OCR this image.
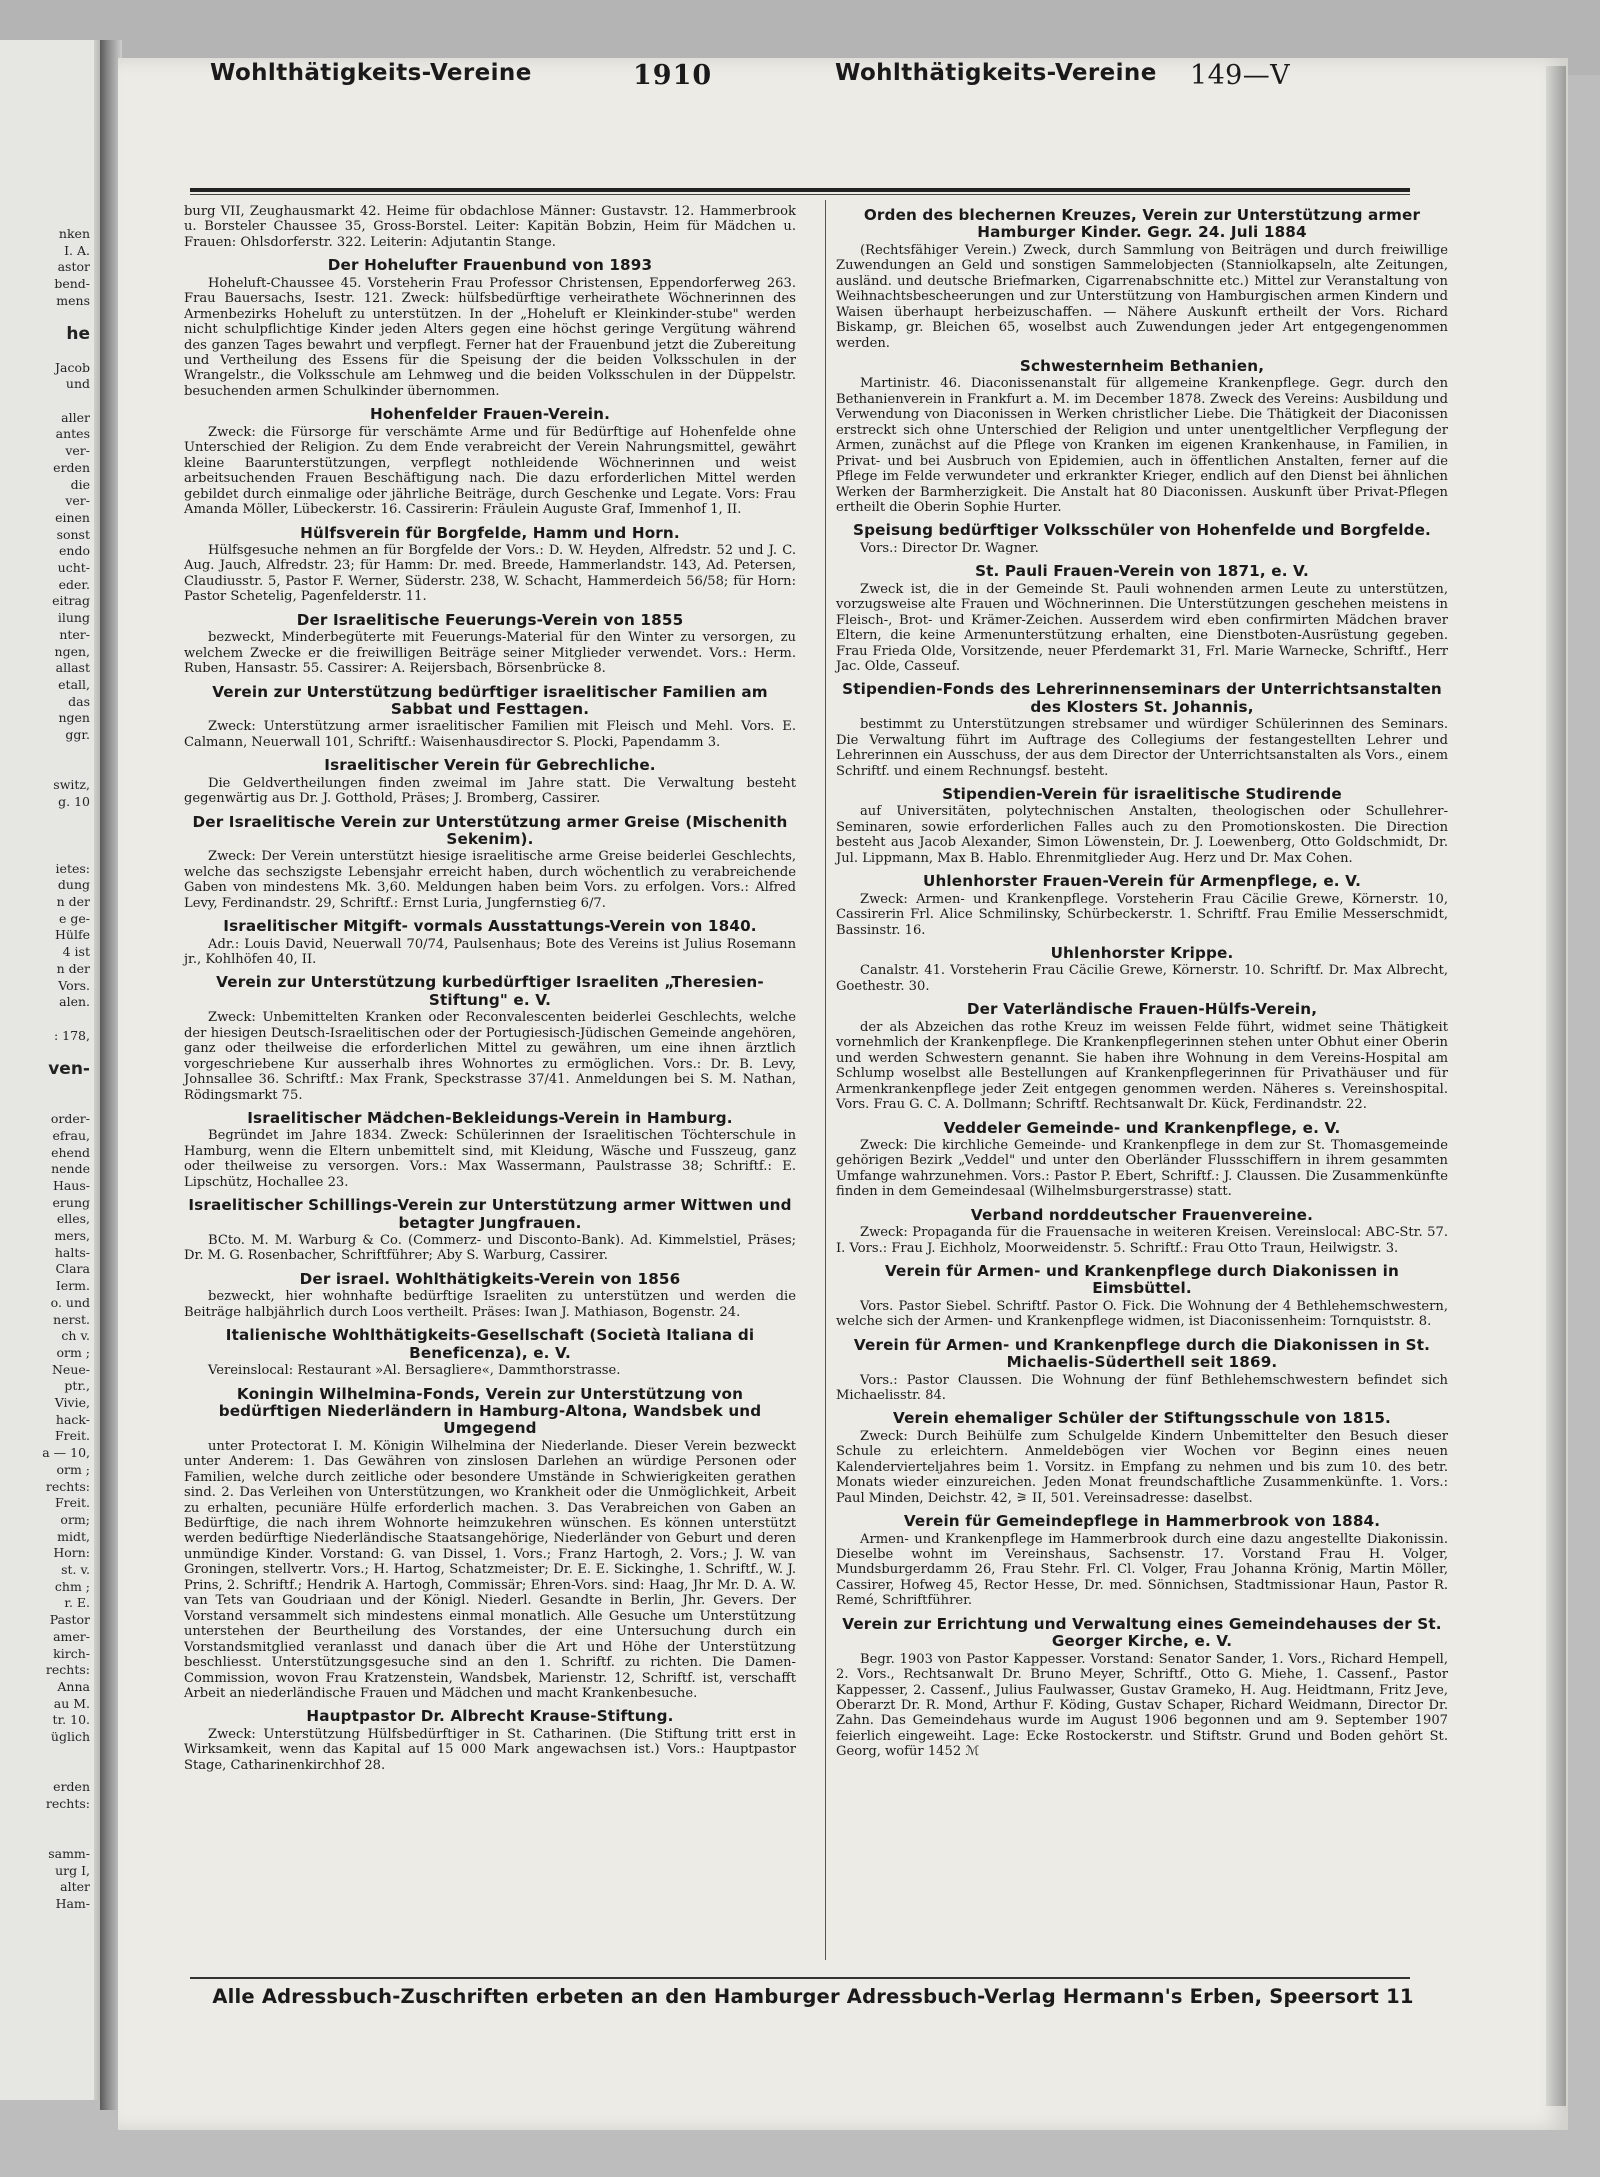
nken
I. A.
astor
bend-
mens
he
Jacob
und
aller
antes
ver-
erden
die
ver-
einen
sonst
endo
ucht-
eder.
eitrag
ilung
nter-
ngen,
allast
etall,
das
ngen
ggr.
switz,
g. 10
ietes:
dung
n der
e ge-
Hülfe
4 ist
n der
Vors.
alen.
: 178,
ven-
order-
efrau,
ehend
nende
Haus-
erung
elles,
mers,
halts-
Clara
Ierm.
o. und
nerst.
ch v.
orm ;
Neue-
ptr.,
Vivie,
hack-
Freit.
a — 10,
orm ;
rechts:
Freit.
orm;
midt,
Horn:
st. v.
chm ;
r. E.
Pastor
amer-
kirch-
rechts:
Anna
au M.
tr. 10.
üglich
erden
rechts:
samm-
urg I,
alter
Ham-
Wohlthätigkeits-Vereine	1910	Wohlthätigkeits-Vereine 149—V

burg VII, Zeughausmarkt 42. Heime für obdachlose Männer: Gustavstr. 12. Hammerbrook u. Borsteler Chaussee 35, Gross-Borstel. Leiter: Kapitän Bobzin, Heim für Mädchen u. Frauen: Ohlsdorferstr. 322. Leiterin: Adjutantin Stange.

Der Hohelufter Frauenbund von 1893

Hoheluft-Chaussee 45. Vorsteherin Frau Professor Christensen, Eppendorferweg 263. Frau Bauersachs, Isestr. 121. Zweck: hülfsbedürftige verheirathete Wöchnerinnen des Armenbezirks Hoheluft zu unterstützen. In der „Hoheluft er Kleinkinder-stube" werden nicht schulpflichtige Kinder jeden Alters gegen eine höchst geringe Vergütung während des ganzen Tages bewahrt und verpflegt. Ferner hat der Frauenbund jetzt die Zubereitung und Vertheilung des Essens für die Speisung der die beiden Volksschulen in der Wrangelstr., die Volksschule am Lehmweg und die beiden Volksschulen in der Düppelstr. besuchenden armen Schulkinder übernommen.

Hohenfelder Frauen-Verein.

Zweck: die Fürsorge für verschämte Arme und für Bedürftige auf Hohenfelde ohne Unterschied der Religion. Zu dem Ende verabreicht der Verein Nahrungsmittel, gewährt kleine Baarunterstützungen, verpflegt nothleidende Wöchnerinnen und weist arbeitsuchenden Frauen Beschäftigung nach. Die dazu erforderlichen Mittel werden gebildet durch einmalige oder jährliche Beiträge, durch Geschenke und Legate. Vors: Frau Amanda Möller, Lübeckerstr. 16. Cassirerin: Fräulein Auguste Graf, Immenhof 1, II.

Hülfsverein für Borgfelde, Hamm und Horn.

Hülfsgesuche nehmen an für Borgfelde der Vors.: D. W. Heyden, Alfredstr. 52 und J. C. Aug. Jauch, Alfredstr. 23; für Hamm: Dr. med. Breede, Hammerlandstr. 143, Ad. Petersen, Claudiusstr. 5, Pastor F. Werner, Süderstr. 238, W. Schacht, Hammerdeich 56/58; für Horn: Pastor Schetelig, Pagenfelderstr. 11.

Der Israelitische Feuerungs-Verein von 1855

bezweckt, Minderbegüterte mit Feuerungs-Material für den Winter zu versorgen, zu welchem Zwecke er die freiwilligen Beiträge seiner Mitglieder verwendet. Vors.: Herm. Ruben, Hansastr. 55. Cassirer: A. Reijersbach, Börsenbrücke 8.

Verein zur Unterstützung bedürftiger israelitischer Familien am Sabbat und Festtagen.

Zweck: Unterstützung armer israelitischer Familien mit Fleisch und Mehl. Vors. E. Calmann, Neuerwall 101, Schriftf.: Waisenhausdirector S. Plocki, Papendamm 3.

Israelitischer Verein für Gebrechliche.

Die Geldvertheilungen finden zweimal im Jahre statt. Die Verwaltung besteht gegenwärtig aus Dr. J. Gotthold, Präses; J. Bromberg, Cassirer.

Der Israelitische Verein zur Unterstützung armer Greise (Mischenith Sekenim).

Zweck: Der Verein unterstützt hiesige israelitische arme Greise beiderlei Geschlechts, welche das sechszigste Lebensjahr erreicht haben, durch wöchentlich zu verabreichende Gaben von mindestens Mk. 3,60. Meldungen haben beim Vors. zu erfolgen. Vors.: Alfred Levy, Ferdinandstr. 29, Schriftf.: Ernst Luria, Jungfernstieg 6/7.

Israelitischer Mitgift- vormals Ausstattungs-Verein von 1840.

Adr.: Louis David, Neuerwall 70/74, Paulsenhaus; Bote des Vereins ist Julius Rosemann jr., Kohlhöfen 40, II.

Verein zur Unterstützung kurbedürftiger Israeliten „Theresien-Stiftung" e. V.

Zweck: Unbemittelten Kranken oder Reconvalescenten beiderlei Geschlechts, welche der hiesigen Deutsch-Israelitischen oder der Portugiesisch-Jüdischen Gemeinde angehören, ganz oder theilweise die erforderlichen Mittel zu gewähren, um eine ihnen ärztlich vorgeschriebene Kur ausserhalb ihres Wohnortes zu ermöglichen. Vors.: Dr. B. Levy, Johnsallee 36. Schriftf.: Max Frank, Speckstrasse 37/41. Anmeldungen bei S. M. Nathan, Rödingsmarkt 75.

Israelitischer Mädchen-Bekleidungs-Verein in Hamburg.

Begründet im Jahre 1834. Zweck: Schülerinnen der Israelitischen Töchterschule in Hamburg, wenn die Eltern unbemittelt sind, mit Kleidung, Wäsche und Fusszeug, ganz oder theilweise zu versorgen. Vors.: Max Wassermann, Paulstrasse 38; Schriftf.: E. Lipschütz, Hochallee 23.

Israelitischer Schillings-Verein zur Unterstützung armer Wittwen und betagter Jungfrauen.

BCto. M. M. Warburg & Co. (Commerz- und Disconto-Bank). Ad. Kimmelstiel, Präses; Dr. M. G. Rosenbacher, Schriftführer; Aby S. Warburg, Cassirer.

Der israel. Wohlthätigkeits-Verein von 1856

bezweckt, hier wohnhafte bedürftige Israeliten zu unterstützen und werden die Beiträge halbjährlich durch Loos vertheilt. Präses: Iwan J. Mathiason, Bogenstr. 24.

Italienische Wohlthätigkeits-Gesellschaft (Società Italiana di Beneficenza), e. V.

Vereinslocal: Restaurant »Al. Bersagliere«, Dammthorstrasse.

Koningin Wilhelmina-Fonds, Verein zur Unterstützung von bedürftigen Niederländern in Hamburg-Altona, Wandsbek und Umgegend

unter Protectorat I. M. Königin Wilhelmina der Niederlande. Dieser Verein bezweckt unter Anderem: 1. Das Gewähren von zinslosen Darlehen an würdige Personen oder Familien, welche durch zeitliche oder besondere Umstände in Schwierigkeiten gerathen sind. 2. Das Verleihen von Unterstützungen, wo Krankheit oder die Unmöglichkeit, Arbeit zu erhalten, pecuniäre Hülfe erforderlich machen. 3. Das Verabreichen von Gaben an Bedürftige, die nach ihrem Wohnorte heimzukehren wünschen. Es können unterstützt werden bedürftige Niederländische Staatsangehörige, Niederländer von Geburt und deren unmündige Kinder. Vorstand: G. van Dissel, 1. Vors.; Franz Hartogh, 2. Vors.; J. W. van Groningen, stellvertr. Vors.; H. Hartog, Schatzmeister; Dr. E. E. Sickinghe, 1. Schriftf., W. J. Prins, 2. Schriftf.; Hendrik A. Hartogh, Commissär; Ehren-Vors. sind: Haag, Jhr Mr. D. A. W. van Tets van Goudriaan und der Königl. Niederl. Gesandte in Berlin, Jhr. Gevers. Der Vorstand versammelt sich mindestens einmal monatlich. Alle Gesuche um Unterstützung unterstehen der Beurtheilung des Vorstandes, der eine Untersuchung durch ein Vorstandsmitglied veranlasst und danach über die Art und Höhe der Unterstützung beschliesst. Unterstützungsgesuche sind an den 1. Schriftf. zu richten. Die Damen-Commission, wovon Frau Kratzenstein, Wandsbek, Marienstr. 12, Schriftf. ist, verschafft Arbeit an niederländische Frauen und Mädchen und macht Krankenbesuche.

Hauptpastor Dr. Albrecht Krause-Stiftung.

Zweck: Unterstützung Hülfsbedürftiger in St. Catharinen. (Die Stiftung tritt erst in Wirksamkeit, wenn das Kapital auf 15 000 Mark angewachsen ist.) Vors.: Hauptpastor Stage, Catharinenkirchhof 28.

Orden des blechernen Kreuzes, Verein zur Unterstützung armer Hamburger Kinder. Gegr. 24. Juli 1884

(Rechtsfähiger Verein.) Zweck, durch Sammlung von Beiträgen und durch freiwillige Zuwendungen an Geld und sonstigen Sammelobjecten (Stanniolkapseln, alte Zeitungen, ausländ. und deutsche Briefmarken, Cigarrenabschnitte etc.) Mittel zur Veranstaltung von Weihnachtsbescheerungen und zur Unterstützung von Hamburgischen armen Kindern und Waisen überhaupt herbeizuschaffen. — Nähere Auskunft ertheilt der Vors. Richard Biskamp, gr. Bleichen 65, woselbst auch Zuwendungen jeder Art entgegengenommen werden.

Schwesternheim Bethanien,

Martinistr. 46. Diaconissenanstalt für allgemeine Krankenpflege. Gegr. durch den Bethanienverein in Frankfurt a. M. im December 1878. Zweck des Vereins: Ausbildung und Verwendung von Diaconissen in Werken christlicher Liebe. Die Thätigkeit der Diaconissen erstreckt sich ohne Unterschied der Religion und unter unentgeltlicher Verpflegung der Armen, zunächst auf die Pflege von Kranken im eigenen Krankenhause, in Familien, in Privat- und bei Ausbruch von Epidemien, auch in öffentlichen Anstalten, ferner auf die Pflege im Felde verwundeter und erkrankter Krieger, endlich auf den Dienst bei ähnlichen Werken der Barmherzigkeit. Die Anstalt hat 80 Diaconissen. Auskunft über Privat-Pflegen ertheilt die Oberin Sophie Hurter.

Speisung bedürftiger Volksschüler von Hohenfelde und Borgfelde.

Vors.: Director Dr. Wagner.

St. Pauli Frauen-Verein von 1871, e. V.

Zweck ist, die in der Gemeinde St. Pauli wohnenden armen Leute zu unterstützen, vorzugsweise alte Frauen und Wöchnerinnen. Die Unterstützungen geschehen meistens in Fleisch-, Brot- und Krämer-Zeichen. Ausserdem wird eben confirmirten Mädchen braver Eltern, die keine Armenunterstützung erhalten, eine Dienstboten-Ausrüstung gegeben. Frau Frieda Olde, Vorsitzende, neuer Pferdemarkt 31, Frl. Marie Warnecke, Schriftf., Herr Jac. Olde, Casseuf.

Stipendien-Fonds des Lehrerinnenseminars der Unterrichtsanstalten des Klosters St. Johannis,

bestimmt zu Unterstützungen strebsamer und würdiger Schülerinnen des Seminars. Die Verwaltung führt im Auftrage des Collegiums der festangestellten Lehrer und Lehrerinnen ein Ausschuss, der aus dem Director der Unterrichtsanstalten als Vors., einem Schriftf. und einem Rechnungsf. besteht.

Stipendien-Verein für israelitische Studirende

auf Universitäten, polytechnischen Anstalten, theologischen oder Schullehrer-Seminaren, sowie erforderlichen Falles auch zu den Promotionskosten. Die Direction besteht aus Jacob Alexander, Simon Löwenstein, Dr. J. Loewenberg, Otto Goldschmidt, Dr. Jul. Lippmann, Max B. Hablo. Ehrenmitglieder Aug. Herz und Dr. Max Cohen.

Uhlenhorster Frauen-Verein für Armenpflege, e. V.

Zweck: Armen- und Krankenpflege. Vorsteherin Frau Cäcilie Grewe, Körnerstr. 10, Cassirerin Frl. Alice Schmilinsky, Schürbeckerstr. 1. Schriftf. Frau Emilie Messerschmidt, Bassinstr. 16.

Uhlenhorster Krippe.

Canalstr. 41. Vorsteherin Frau Cäcilie Grewe, Körnerstr. 10. Schriftf. Dr. Max Albrecht, Goethestr. 30.

Der Vaterländische Frauen-Hülfs-Verein,

der als Abzeichen das rothe Kreuz im weissen Felde führt, widmet seine Thätigkeit vornehmlich der Krankenpflege. Die Krankenpflegerinnen stehen unter Obhut einer Oberin und werden Schwestern genannt. Sie haben ihre Wohnung in dem Vereins-Hospital am Schlump woselbst alle Bestellungen auf Krankenpflegerinnen für Privathäuser und für Armenkrankenpflege jeder Zeit entgegen genommen werden. Näheres s. Vereinshospital. Vors. Frau G. C. A. Dollmann; Schriftf. Rechtsanwalt Dr. Kück, Ferdinandstr. 22.

Veddeler Gemeinde- und Krankenpflege, e. V.

Zweck: Die kirchliche Gemeinde- und Krankenpflege in dem zur St. Thomasgemeinde gehörigen Bezirk „Veddel" und unter den Oberländer Flussschiffern in ihrem gesammten Umfange wahrzunehmen. Vors.: Pastor P. Ebert, Schriftf.: J. Claussen. Die Zusammenkünfte finden in dem Gemeindesaal (Wilhelmsburgerstrasse) statt.

Verband norddeutscher Frauenvereine.

Zweck: Propaganda für die Frauensache in weiteren Kreisen. Vereinslocal: ABC-Str. 57. I. Vors.: Frau J. Eichholz, Moorweidenstr. 5. Schriftf.: Frau Otto Traun, Heilwigstr. 3.

Verein für Armen- und Krankenpflege durch Diakonissen in Eimsbüttel.

Vors. Pastor Siebel. Schriftf. Pastor O. Fick. Die Wohnung der 4 Bethlehemschwestern, welche sich der Armen- und Krankenpflege widmen, ist Diaconissenheim: Tornquiststr. 8.

Verein für Armen- und Krankenpflege durch die Diakonissen in St. Michaelis-Süderthell seit 1869.

Vors.: Pastor Claussen. Die Wohnung der fünf Bethlehemschwestern befindet sich Michaelisstr. 84.

Verein ehemaliger Schüler der Stiftungsschule von 1815.

Zweck: Durch Beihülfe zum Schulgelde Kindern Unbemittelter den Besuch dieser Schule zu erleichtern. Anmeldebögen vier Wochen vor Beginn eines neuen Kalendervierteljahres beim 1. Vorsitz. in Empfang zu nehmen und bis zum 10. des betr. Monats wieder einzureichen. Jeden Monat freundschaftliche Zusammenkünfte. 1. Vors.: Paul Minden, Deichstr. 42, ⚞ II, 501. Vereinsadresse: daselbst.

Verein für Gemeindepflege in Hammerbrook von 1884.

Armen- und Krankenpflege im Hammerbrook durch eine dazu angestellte Diakonissin. Dieselbe wohnt im Vereinshaus, Sachsenstr. 17. Vorstand Frau H. Volger, Mundsburgerdamm 26, Frau Stehr. Frl. Cl. Volger, Frau Johanna Krönig, Martin Möller, Cassirer, Hofweg 45, Rector Hesse, Dr. med. Sönnichsen, Stadtmissionar Haun, Pastor R. Remé, Schriftführer.

Verein zur Errichtung und Verwaltung eines Gemeindehauses der St. Georger Kirche, e. V.

Begr. 1903 von Pastor Kappesser. Vorstand: Senator Sander, 1. Vors., Richard Hempell, 2. Vors., Rechtsanwalt Dr. Bruno Meyer, Schriftf., Otto G. Miehe, 1. Cassenf., Pastor Kappesser, 2. Cassenf., Julius Faulwasser, Gustav Grameko, H. Aug. Heidtmann, Fritz Jeve, Oberarzt Dr. R. Mond, Arthur F. Köding, Gustav Schaper, Richard Weidmann, Director Dr. Zahn. Das Gemeindehaus wurde im August 1906 begonnen und am 9. September 1907 feierlich eingeweiht. Lage: Ecke Rostockerstr. und Stiftstr. Grund und Boden gehört St. Georg, wofür 1452 ℳ

Alle Adressbuch-Zuschriften erbeten an den Hamburger Adressbuch-Verlag Hermann's Erben, Speersort 11
